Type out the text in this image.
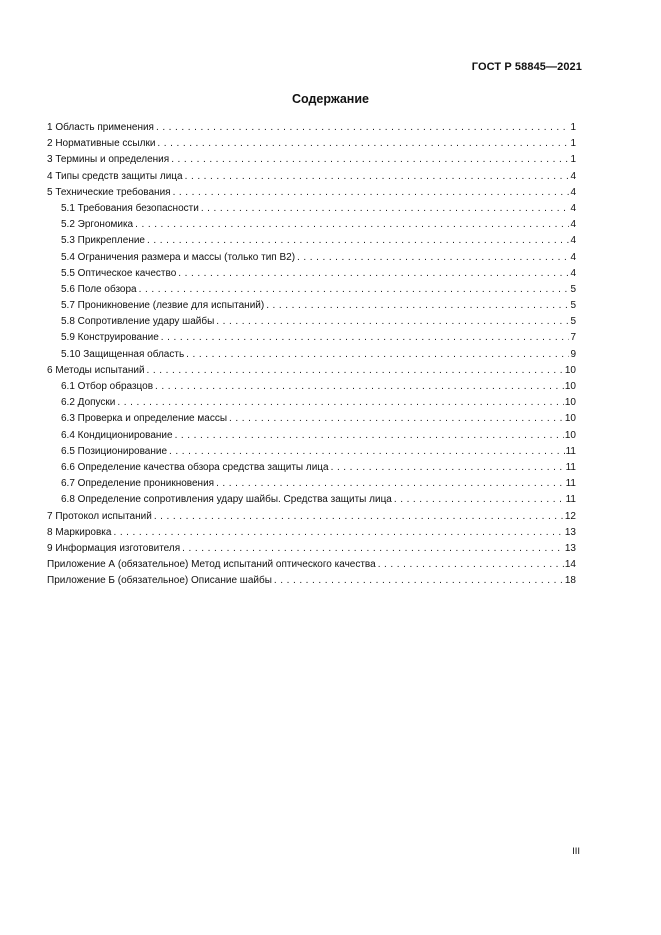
ГОСТ Р 58845—2021
Содержание
1 Область применения . . .	1
2 Нормативные ссылки . . .	1
3 Термины и определения . . .	1
4 Типы средств защиты лица . . .	4
5 Технические требования . . .	4
5.1 Требования безопасности . . .	4
5.2 Эргономика . . .	4
5.3 Прикрепление . . .	4
5.4 Ограничения размера и массы (только тип В2) . . .	4
5.5 Оптическое качество . . .	4
5.6 Поле обзора . . .	5
5.7 Проникновение (лезвие для испытаний) . . .	5
5.8 Сопротивление удару шайбы . . .	5
5.9 Конструирование . . .	7
5.10 Защищенная область . . .	9
6 Методы испытаний . . .	10
6.1 Отбор образцов . . .	10
6.2 Допуски . . .	10
6.3 Проверка и определение массы . . .	10
6.4 Кондиционирование . . .	10
6.5 Позиционирование . . .	11
6.6 Определение качества обзора средства защиты лица . . .	11
6.7 Определение проникновения . . .	11
6.8 Определение сопротивления удару шайбы. Средства защиты лица . . .	11
7 Протокол испытаний . . .	12
8 Маркировка . . .	13
9 Информация изготовителя . . .	13
Приложение А (обязательное) Метод испытаний оптического качества . . .	14
Приложение Б (обязательное) Описание шайбы . . .	18
III
